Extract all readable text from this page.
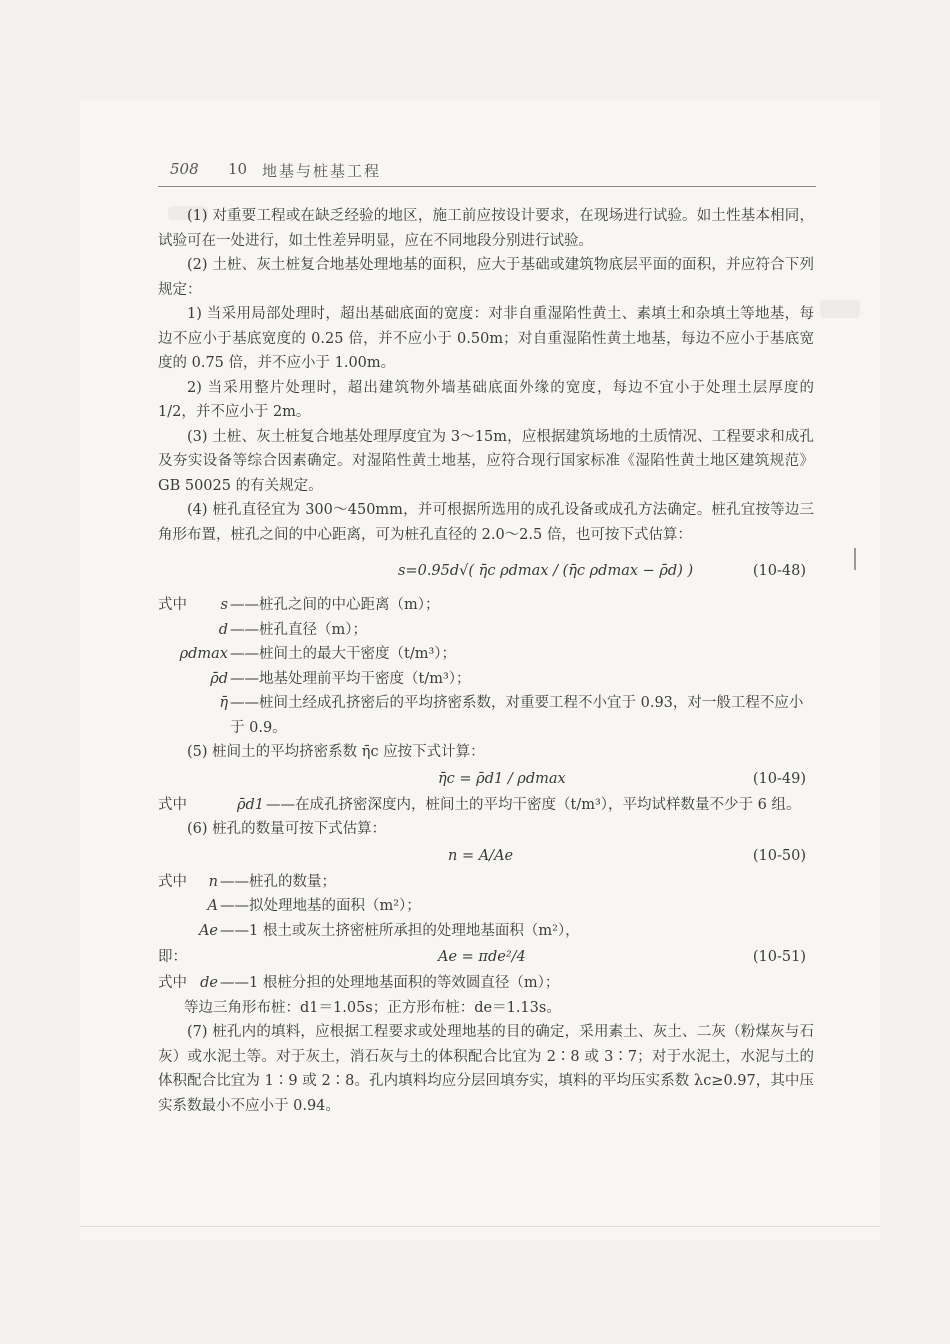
508 10 地基与桩基工程

(1) 对重要工程或在缺乏经验的地区，施工前应按设计要求，在现场进行试验。如土性基本相同，试验可在一处进行，如土性差异明显，应在不同地段分别进行试验。

(2) 土桩、灰土桩复合地基处理地基的面积，应大于基础或建筑物底层平面的面积，并应符合下列规定：

1) 当采用局部处理时，超出基础底面的宽度：对非自重湿陷性黄土、素填土和杂填土等地基，每边不应小于基底宽度的 0.25 倍，并不应小于 0.50m；对自重湿陷性黄土地基，每边不应小于基底宽度的 0.75 倍，并不应小于 1.00m。

2) 当采用整片处理时，超出建筑物外墙基础底面外缘的宽度，每边不宜小于处理土层厚度的 1/2，并不应小于 2m。

(3) 土桩、灰土桩复合地基处理厚度宜为 3～15m，应根据建筑场地的土质情况、工程要求和成孔及夯实设备等综合因素确定。对湿陷性黄土地基，应符合现行国家标准《湿陷性黄土地区建筑规范》GB 50025 的有关规定。

(4) 桩孔直径宜为 300～450mm，并可根据所选用的成孔设备或成孔方法确定。桩孔宜按等边三角形布置，桩孔之间的中心距离，可为桩孔直径的 2.0～2.5 倍，也可按下式估算：

s=0.95d√( η̄c ρdmax / (η̄c ρdmax − ρ̄d) )	(10-48)
式中	s ——桩孔之间的中心距离（m）；
d ——桩孔直径（m）；
ρdmax ——桩间土的最大干密度（t/m³）；
ρ̄d ——地基处理前平均干密度（t/m³）；
η̄ ——桩间土经成孔挤密后的平均挤密系数，对重要工程不小宜于 0.93，对一般工程不应小于 0.9。

(5) 桩间土的平均挤密系数 η̄c 应按下式计算：

η̄c = ρ̄d1 / ρdmax	(10-49)
式中	ρ̄d1 ——在成孔挤密深度内，桩间土的平均干密度（t/m³），平均试样数量不少于 6 组。

(6) 桩孔的数量可按下式估算：

n = A/Ae	(10-50)
式中	n ——桩孔的数量；
A ——拟处理地基的面积（m²）；
Ae ——1 根土或灰土挤密桩所承担的处理地基面积（m²），
即：	Ae = πde²/4	(10-51)
式中 de ——1 根桩分担的处理地基面积的等效圆直径（m）；

等边三角形布桩：d1＝1.05s；正方形布桩：de＝1.13s。

(7) 桩孔内的填料，应根据工程要求或处理地基的目的确定，采用素土、灰土、二灰（粉煤灰与石灰）或水泥土等。对于灰土，消石灰与土的体积配合比宜为 2∶8 或 3∶7；对于水泥土，水泥与土的体积配合比宜为 1∶9 或 2∶8。孔内填料均应分层回填夯实，填料的平均压实系数 λc≥0.97，其中压实系数最小不应小于 0.94。
